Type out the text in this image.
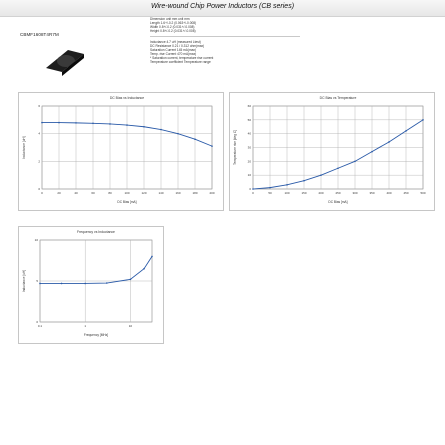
Wire-wound Chip Power Inductors (CB series)
CBMF1608T4R7M
Dimension unit mm unit mm
Length 1.6+/-0.2 (0.063+/-0.008)
Width 0.8+/-0.2 (0.031+/-0.008)
Height 0.8+/-0.2 (0.031+/-0.008)
Inductance 4.7 uH (measured Ltest)
DC Resistance 0.21 / 0.312 ohm(max)
Saturation Current 145 mA(max)
Temp. rise Current 470 mA(max)
* Saturation current, temperature rise current
Temperature coefficient Temperature range
DC Bias vs Inductance
0	20	40	60	80	100	120	140	160	180	200
0
2
4
6
DC Bias [mA]
Inductance [uH]
DC Bias vs Temperature
0	50	100	150	200	250	300	350	400	450	500
0
10
20
30
40
50
60
DC Bias [mA]
Temperature rise [deg C]
Frequency vs Inductance
0.1	1	10
0
5
10
Frequency [MHz]
Inductance [uH]
